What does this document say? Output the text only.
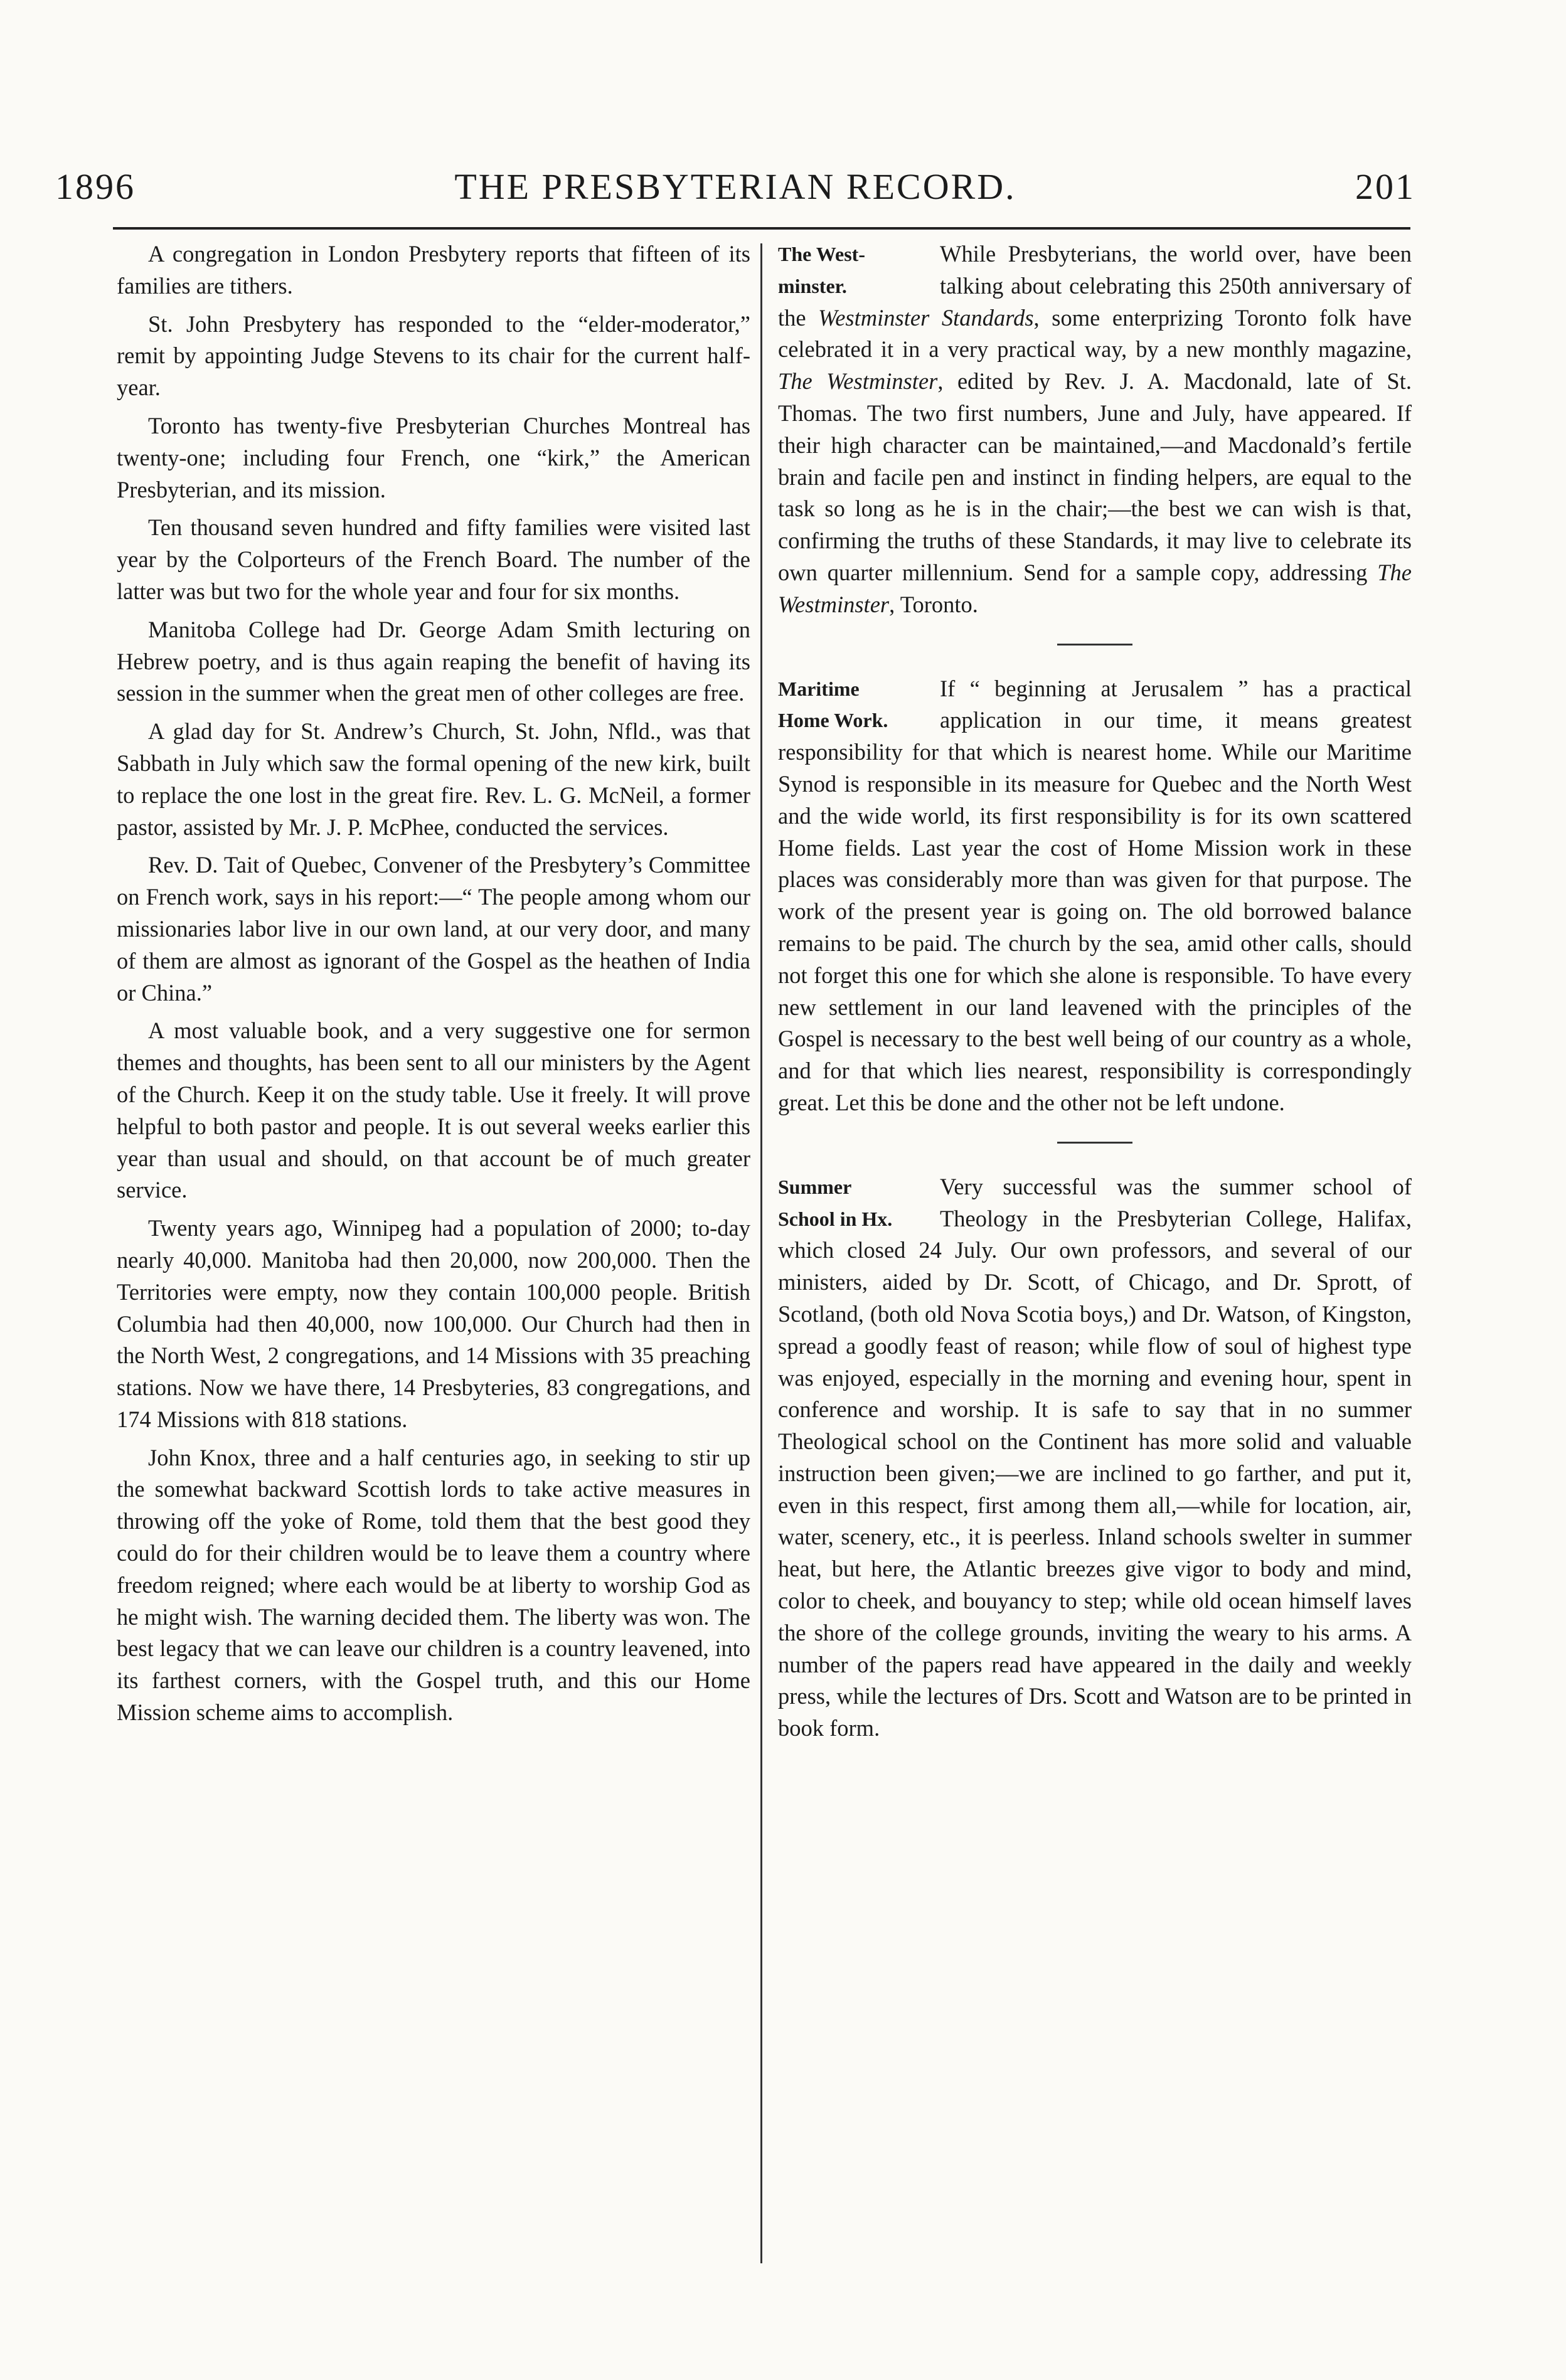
1896	THE PRESBYTERIAN RECORD.	201

A congregation in London Presbytery reports that fifteen of its families are tithers.

St. John Presbytery has responded to the “elder-moderator,” remit by appointing Judge Stevens to its chair for the current half-year.

Toronto has twenty-five Presbyterian Churches Montreal has twenty-one; including four French, one “kirk,” the American Presbyterian, and its mission.

Ten thousand seven hundred and fifty families were visited last year by the Colporteurs of the French Board. The number of the latter was but two for the whole year and four for six months.

Manitoba College had Dr. George Adam Smith lecturing on Hebrew poetry, and is thus again reaping the benefit of having its session in the summer when the great men of other colleges are free.

A glad day for St. Andrew’s Church, St. John, Nfld., was that Sabbath in July which saw the formal opening of the new kirk, built to replace the one lost in the great fire. Rev. L. G. McNeil, a former pastor, assisted by Mr. J. P. McPhee, conducted the services.

Rev. D. Tait of Quebec, Convener of the Presbytery’s Committee on French work, says in his report:—“ The people among whom our missionaries labor live in our own land, at our very door, and many of them are almost as ignorant of the Gospel as the heathen of India or China.”

A most valuable book, and a very suggestive one for sermon themes and thoughts, has been sent to all our ministers by the Agent of the Church. Keep it on the study table. Use it freely. It will prove helpful to both pastor and people. It is out several weeks earlier this year than usual and should, on that account be of much greater service.

Twenty years ago, Winnipeg had a population of 2000; to-day nearly 40,000. Manitoba had then 20,000, now 200,000. Then the Territories were empty, now they contain 100,000 people. British Columbia had then 40,000, now 100,000. Our Church had then in the North West, 2 congregations, and 14 Missions with 35 preaching stations. Now we have there, 14 Presbyteries, 83 congregations, and 174 Missions with 818 stations.

John Knox, three and a half centuries ago, in seeking to stir up the somewhat backward Scottish lords to take active measures in throwing off the yoke of Rome, told them that the best good they could do for their children would be to leave them a country where freedom reigned; where each would be at liberty to worship God as he might wish. The warning decided them. The liberty was won. The best legacy that we can leave our children is a country leavened, into its farthest corners, with the Gospel truth, and this our Home Mission scheme aims to accomplish.

The West-
minster.
While Presbyterians, the world over, have been talking about celebrating this 250th anniversary of the Westminster Standards, some enterprizing Toronto folk have celebrated it in a very practical way, by a new monthly magazine, The Westminster, edited by Rev. J. A. Macdonald, late of St. Thomas. The two first numbers, June and July, have appeared. If their high character can be maintained,—and Macdonald’s fertile brain and facile pen and instinct in finding helpers, are equal to the task so long as he is in the chair;—the best we can wish is that, confirming the truths of these Standards, it may live to celebrate its own quarter millennium. Send for a sample copy, addressing The Westminster, Toronto.

Maritime
Home Work.
If “ beginning at Jerusalem ” has a practical application in our time, it means greatest responsibility for that which is nearest home. While our Maritime Synod is responsible in its measure for Quebec and the North West and the wide world, its first responsibility is for its own scattered Home fields. Last year the cost of Home Mission work in these places was considerably more than was given for that purpose. The work of the present year is going on. The old borrowed balance remains to be paid. The church by the sea, amid other calls, should not forget this one for which she alone is responsible. To have every new settlement in our land leavened with the principles of the Gospel is necessary to the best well being of our country as a whole, and for that which lies nearest, responsibility is correspondingly great. Let this be done and the other not be left undone.

Summer
School in Hx.
Very successful was the summer school of Theology in the Presbyterian College, Halifax, which closed 24 July. Our own professors, and several of our ministers, aided by Dr. Scott, of Chicago, and Dr. Sprott, of Scotland, (both old Nova Scotia boys,) and Dr. Watson, of Kingston, spread a goodly feast of reason; while flow of soul of highest type was enjoyed, especially in the morning and evening hour, spent in conference and worship. It is safe to say that in no summer Theological school on the Continent has more solid and valuable instruction been given;—we are inclined to go farther, and put it, even in this respect, first among them all,—while for location, air, water, scenery, etc., it is peerless. Inland schools swelter in summer heat, but here, the Atlantic breezes give vigor to body and mind, color to cheek, and bouyancy to step; while old ocean himself laves the shore of the college grounds, inviting the weary to his arms. A number of the papers read have appeared in the daily and weekly press, while the lectures of Drs. Scott and Watson are to be printed in book form.
